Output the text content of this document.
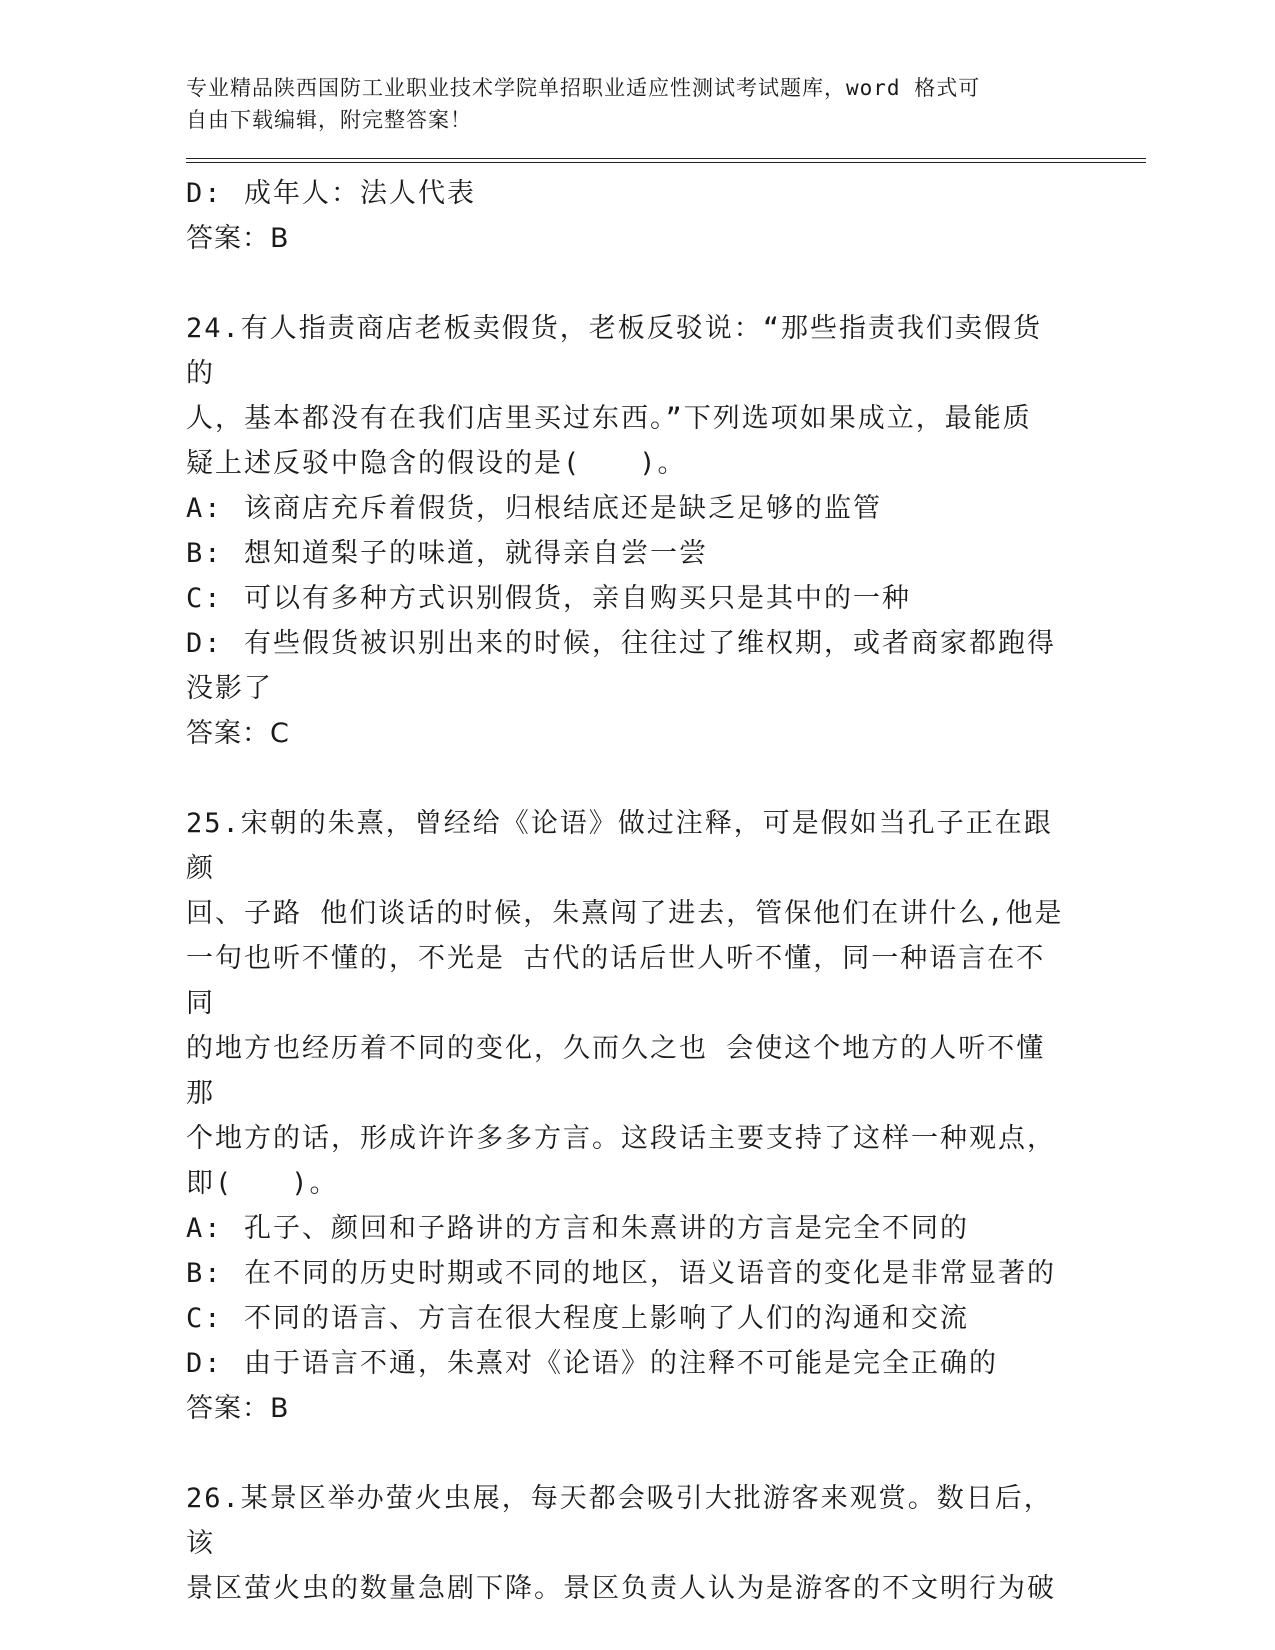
专业精品陕西国防工业职业技术学院单招职业适应性测试考试题库，word 格式可
自由下载编辑，附完整答案！
D: 成年人：法人代表
答案：B
24.有人指责商店老板卖假货，老板反驳说：“那些指责我们卖假货的
人，基本都没有在我们店里买过东西。”下列选项如果成立，最能质
疑上述反驳中隐含的假设的是(　　)。
A: 该商店充斥着假货，归根结底还是缺乏足够的监管
B: 想知道梨子的味道，就得亲自尝一尝
C: 可以有多种方式识别假货，亲自购买只是其中的一种
D: 有些假货被识别出来的时候，往往过了维权期，或者商家都跑得
没影了
答案：C
25.宋朝的朱熹，曾经给《论语》做过注释，可是假如当孔子正在跟颜
回、子路 他们谈话的时候，朱熹闯了进去，管保他们在讲什么,他是
一句也听不懂的，不光是 古代的话后世人听不懂，同一种语言在不同
的地方也经历着不同的变化，久而久之也 会使这个地方的人听不懂那
个地方的话，形成许许多多方言。这段话主要支持了这样一种观点，
即(　　)。
A: 孔子、颜回和子路讲的方言和朱熹讲的方言是完全不同的
B: 在不同的历史时期或不同的地区，语义语音的变化是非常显著的
C: 不同的语言、方言在很大程度上影响了人们的沟通和交流
D: 由于语言不通，朱熹对《论语》的注释不可能是完全正确的
答案：B
26.某景区举办萤火虫展，每天都会吸引大批游客来观赏。数日后，该
景区萤火虫的数量急剧下降。景区负责人认为是游客的不文明行为破
